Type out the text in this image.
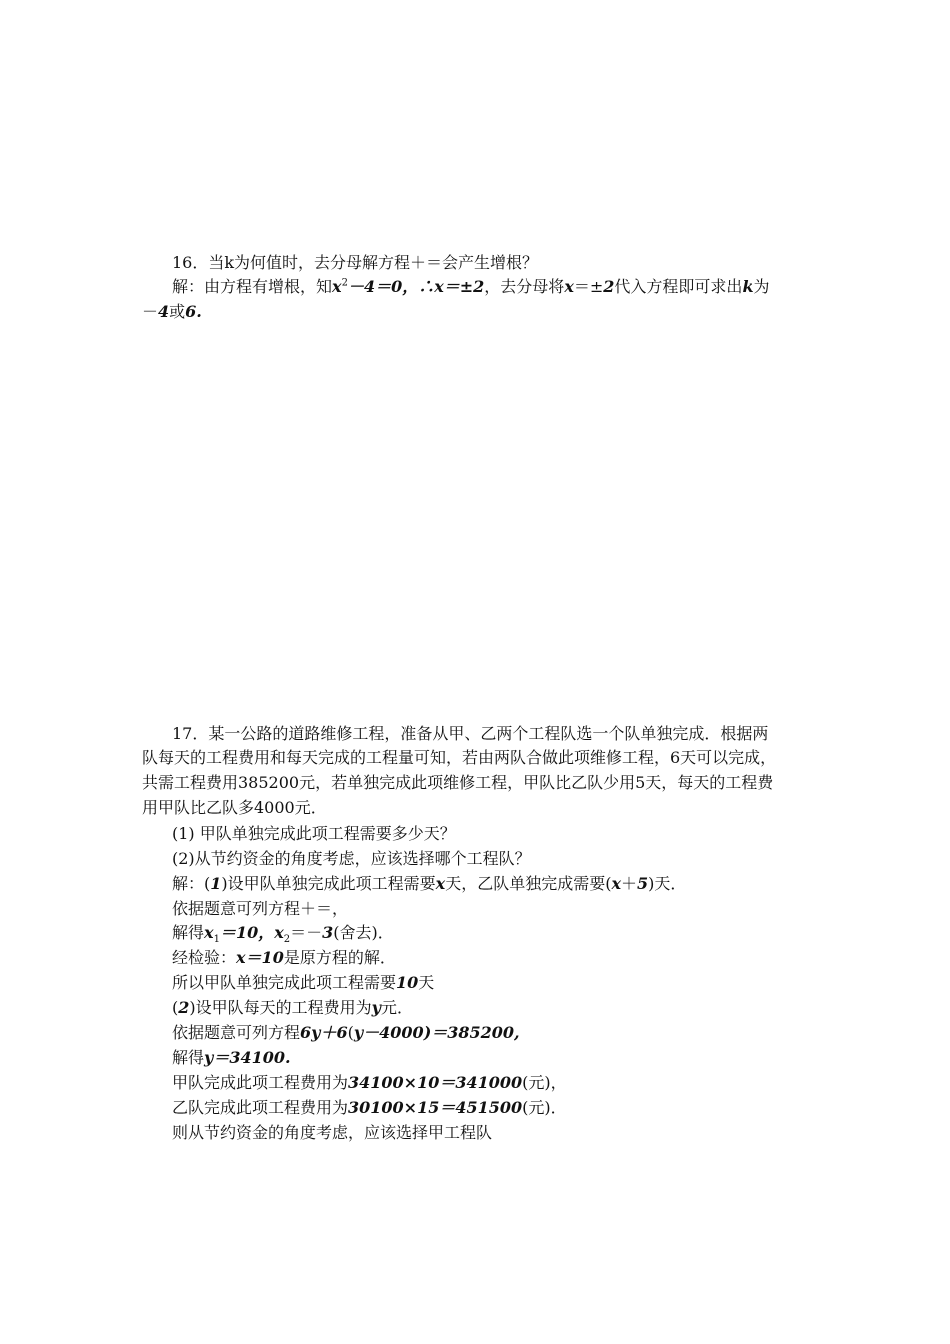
16．当k为何值时，去分母解方程＋＝会产生增根？
解：由方程有增根，知$x^2-4=0$，∴x＝±2，去分母将x＝±2代入方程即可求出k为
－4或6.
17．某一公路的道路维修工程，准备从甲、乙两个工程队选一个队单独完成．根据两
队每天的工程费用和每天完成的工程量可知，若由两队合做此项维修工程，6天可以完成，
共需工程费用385200元，若单独完成此项维修工程，甲队比乙队少用5天，每天的工程费
用甲队比乙队多4000元．
(1) 甲队单独完成此项工程需要多少天？
(2)从节约资金的角度考虑，应该选择哪个工程队？
解：(1)设甲队单独完成此项工程需要x天，乙队单独完成需要(x＋5)天．
依据题意可列方程＋＝，
解得$x_1=10$，$x_2=-3$(舍去)．
经检验：x＝10是原方程的解．
所以甲队单独完成此项工程需要10天
(2)设甲队每天的工程费用为y元．
依据题意可列方程6y＋6(y－4000)＝385200,
解得y＝34100.
甲队完成此项工程费用为34100×10＝341000(元)，
乙队完成此项工程费用为30100×15＝451500(元)．
则从节约资金的角度考虑，应该选择甲工程队
